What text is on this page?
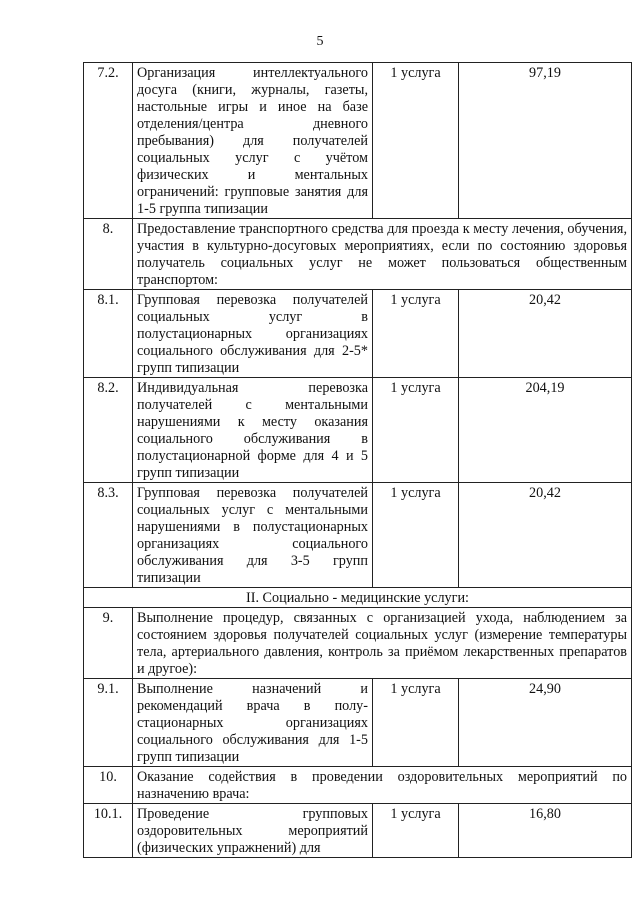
5
7.2.	Организация интеллектуального досуга (книги, журналы, газеты, настольные игры и иное на базе отделения/центра дневного пребывания) для получателей социальных услуг с учётом физических и ментальных ограничений: групповые занятия для 1-5 группа типизации	1 услуга	97,19
8.	Предоставление транспортного средства для проезда к месту лечения, обучения, участия в культурно-досуговых мероприятиях, если по состоянию здоровья получатель социальных услуг не может пользоваться общественным транспортом:		
8.1.	Групповая перевозка получателей социальных услуг в полустационарных организациях социального обслуживания для 2-5* групп типизации	1 услуга	20,42
8.2.	Индивидуальная перевозка получателей с ментальными нарушениями к месту оказания социального обслуживания в полустационарной форме для 4 и 5 групп типизации	1 услуга	204,19
8.3.	Групповая перевозка получателей социальных услуг с ментальными нарушениями в полустационарных организациях социального обслуживания для 3-5 групп типизации	1 услуга	20,42
II. Социально - медицинские услуги:			
9.	Выполнение процедур, связанных с организацией ухода, наблюдением за состоянием здоровья получателей социальных услуг (измерение температуры тела, артериального давления, контроль за приёмом лекарственных препаратов и другое):		
9.1.	Выполнение назначений и рекомендаций врача в полу-стационарных организациях социального обслуживания для 1-5 групп типизации	1 услуга	24,90
10.	Оказание содействия в проведении оздоровительных мероприятий по назначению врача:		
10.1.	Проведение групповых оздоровительных мероприятий (физических упражнений) для	1 услуга	16,80
